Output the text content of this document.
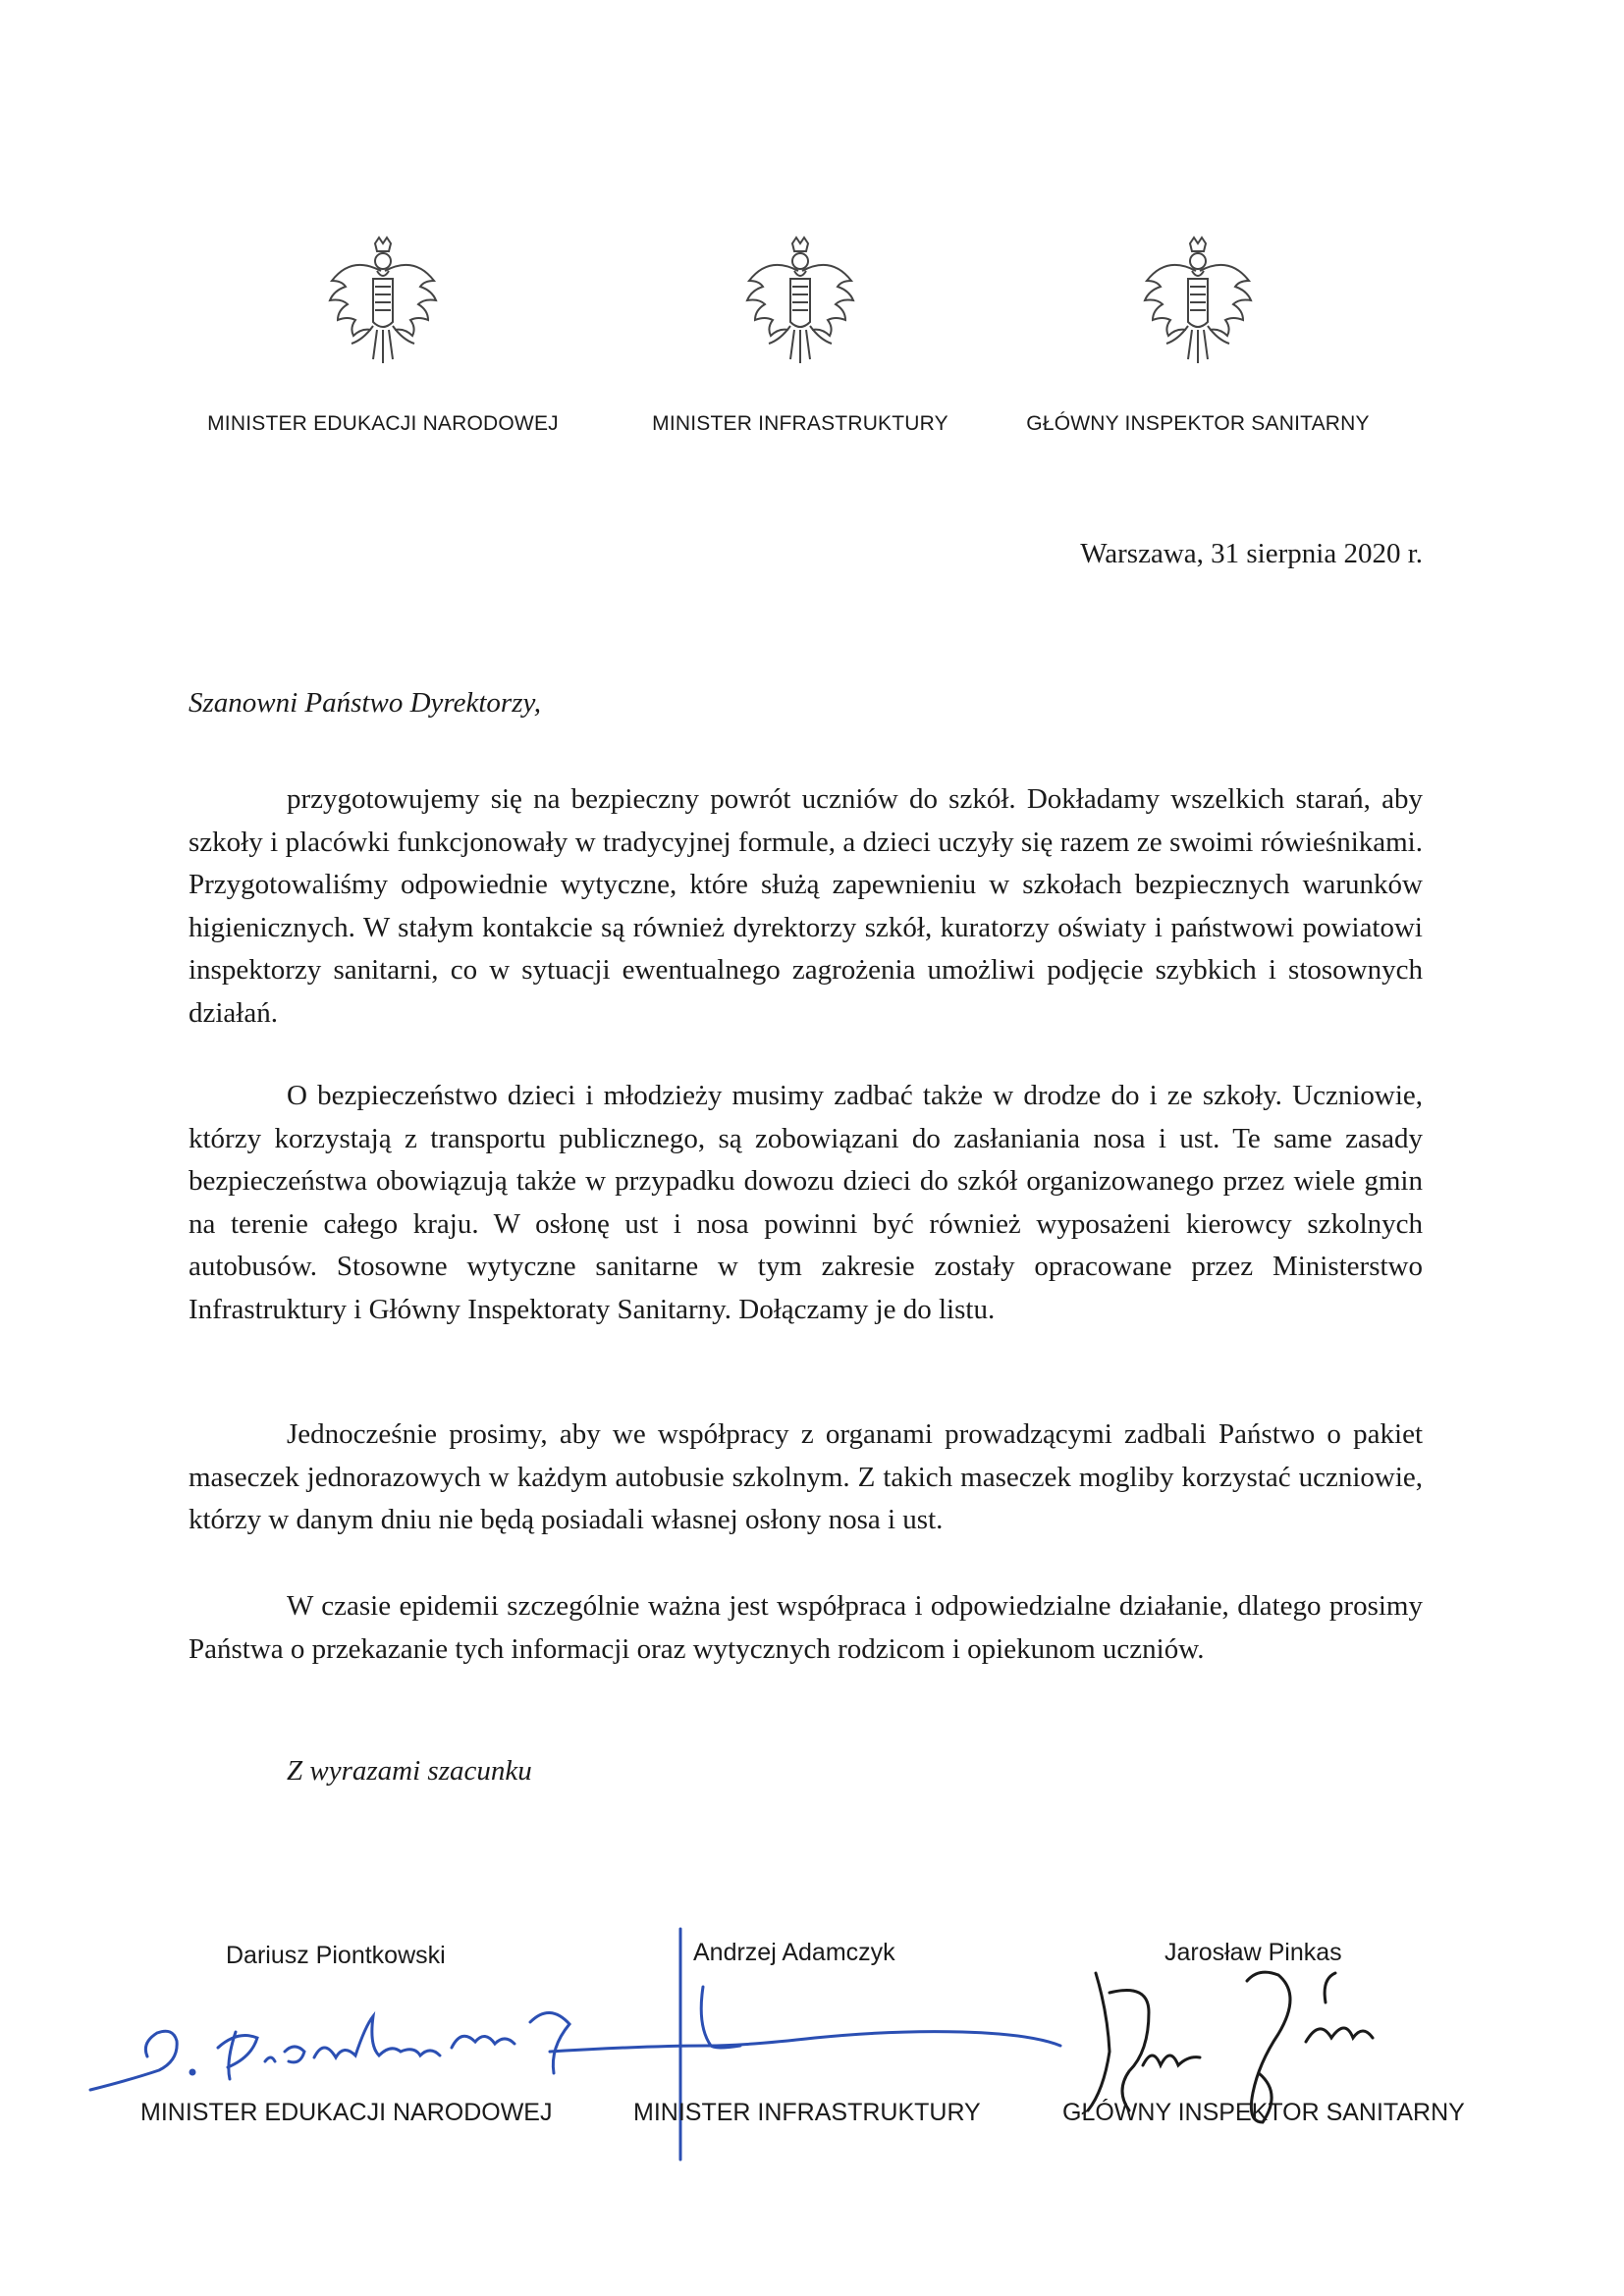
MINISTER EDUKACJI NARODOWEJ	MINISTER INFRASTRUKTURY	GŁÓWNY INSPEKTOR SANITARNY
Warszawa, 31 sierpnia 2020 r.
Szanowni Państwo Dyrektorzy,

przygotowujemy się na bezpieczny powrót uczniów do szkół. Dokładamy wszelkich starań, aby szkoły i placówki funkcjonowały w tradycyjnej formule, a dzieci uczyły się razem ze swoimi rówieśnikami. Przygotowaliśmy odpowiednie wytyczne, które służą zapewnieniu w szkołach bezpiecznych warunków higienicznych. W stałym kontakcie są również dyrektorzy szkół, kuratorzy oświaty i państwowi powiatowi inspektorzy sanitarni, co w sytuacji ewentualnego zagrożenia umożliwi podjęcie szybkich i stosownych działań.

O bezpieczeństwo dzieci i młodzieży musimy zadbać także w drodze do i ze szkoły. Uczniowie, którzy korzystają z transportu publicznego, są zobowiązani do zasłaniania nosa i ust. Te same zasady bezpieczeństwa obowiązują także w przypadku dowozu dzieci do szkół organizowanego przez wiele gmin na terenie całego kraju. W osłonę ust i nosa powinni być również wyposażeni kierowcy szkolnych autobusów. Stosowne wytyczne sanitarne w tym zakresie zostały opracowane przez Ministerstwo Infrastruktury i Główny Inspektoraty Sanitarny. Dołączamy je do listu.

Jednocześnie prosimy, aby we współpracy z organami prowadzącymi zadbali Państwo o pakiet maseczek jednorazowych w każdym autobusie szkolnym. Z takich maseczek mogliby korzystać uczniowie, którzy w danym dniu nie będą posiadali własnej osłony nosa i ust.

W czasie epidemii szczególnie ważna jest współpraca i odpowiedzialne działanie, dlatego prosimy Państwa o przekazanie tych informacji oraz wytycznych rodzicom i opiekunom uczniów.

Z wyrazami szacunku
Dariusz Piontkowski	Andrzej Adamczyk	Jarosław Pinkas
MINISTER EDUKACJI NARODOWEJ	MINISTER INFRASTRUKTURY	GŁÓWNY INSPEKTOR SANITARNY
